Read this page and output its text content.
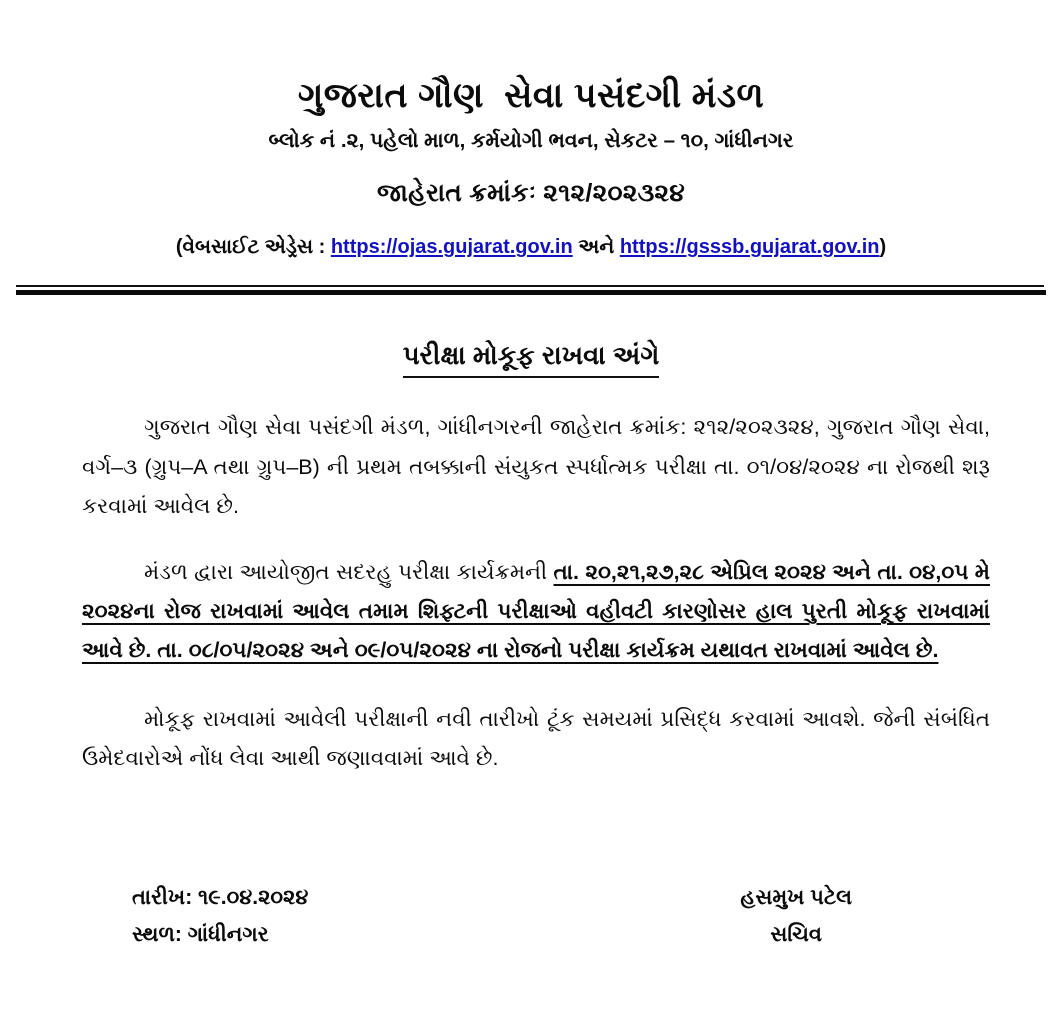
ગુજરાત ગૌણ  સેવા પસંદગી મંડળ
બ્લોક નં .૨, પહેલો માળ, કર્મયોગી ભવન, સેકટર – ૧૦, ગાંધીનગર
જાહેરાત ક્રમાંકઃ ૨૧૨/૨૦૨૩૨૪
(વેબસાઈટ એડ્રેસ : https://ojas.gujarat.gov.in અને https://gsssb.gujarat.gov.in)
પરીક્ષા મોકૂફ રાખવા અંગે

ગુજરાત ગૌણ સેવા પસંદગી મંડળ, ગાંધીનગરની જાહેરાત ક્રમાંક: ૨૧૨/૨૦૨૩૨૪, ગુજરાત ગૌણ સેવા, વર્ગ–૩ (ગ્રુપ–A તથા ગ્રુપ–B) ની પ્રથમ તબક્કાની સંયુકત સ્પર્ધાત્મક પરીક્ષા તા. ૦૧/૦૪/૨૦૨૪ ના રોજથી શરૂ કરવામાં આવેલ છે.

મંડળ દ્વારા આયોજીત સદરહુ પરીક્ષા કાર્યક્રમની તા. ૨૦,૨૧,૨૭,૨૮ એપ્રિલ ૨૦૨૪ અને તા. ૦૪,૦૫ મે ૨૦૨૪ના રોજ રાખવામાં આવેલ તમામ શિફ્ટની પરીક્ષાઓ વહીવટી કારણોસર હાલ પુરતી મોકૂફ રાખવામાં આવે છે. તા. ૦૮/૦૫/૨૦૨૪ અને ૦૯/૦૫/૨૦૨૪ ના રોજનો પરીક્ષા કાર્યક્રમ યથાવત રાખવામાં આવેલ છે.

મોકૂફ રાખવામાં આવેલી પરીક્ષાની નવી તારીખો ટૂંક સમયમાં પ્રસિદ્ધ કરવામાં આવશે. જેની સંબંધિત ઉમેદવારોએ નોંધ લેવા આથી જણાવવામાં આવે છે.

તારીખ: ૧૯.૦૪.૨૦૨૪
સ્થળ: ગાંધીનગર
હસમુખ પટેલ
સચિવ
